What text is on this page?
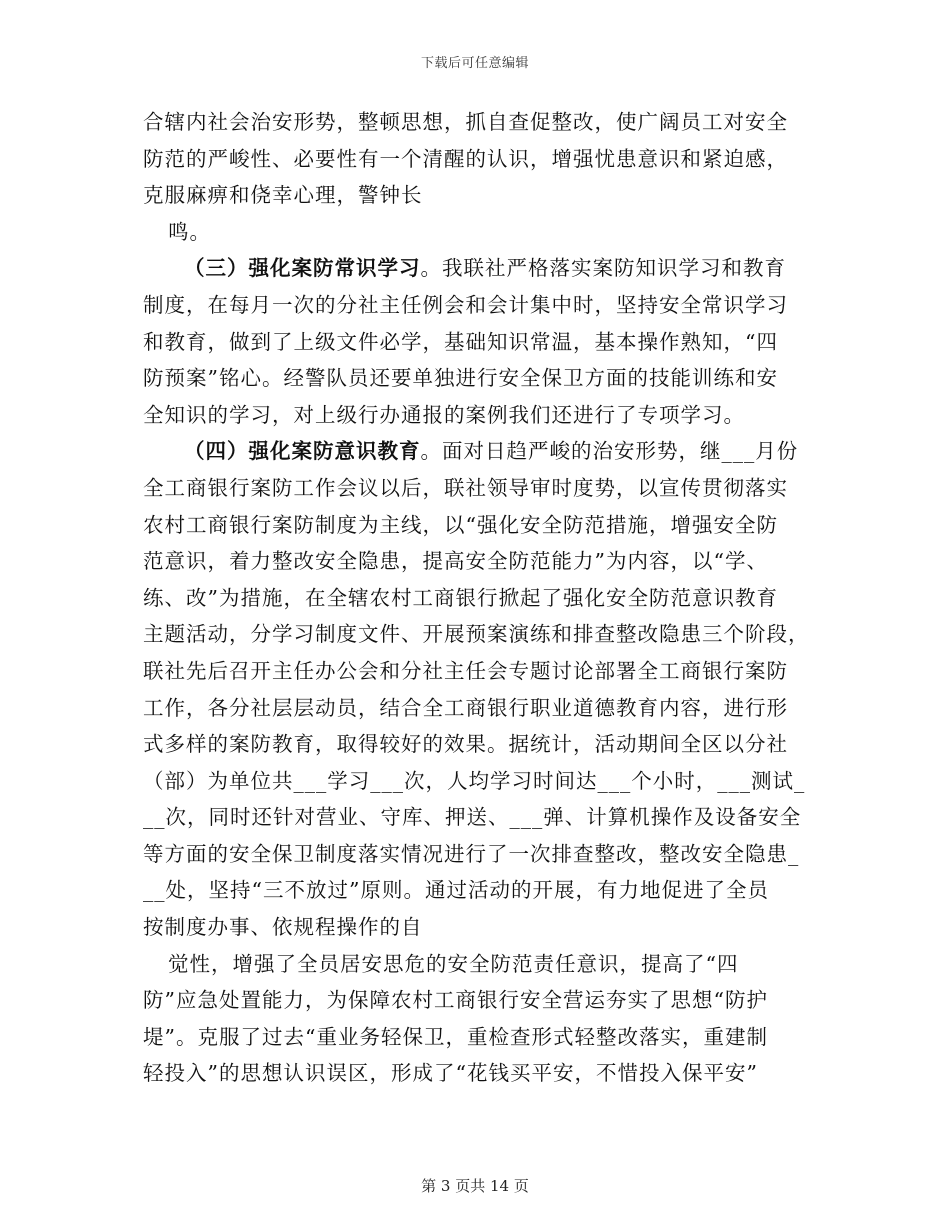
下载后可任意编辑
合辖内社会治安形势，整顿思想，抓自查促整改，使广阔员工对安全
防范的严峻性、必要性有一个清醒的认识，增强忧患意识和紧迫感，
克服麻痹和侥幸心理，警钟长
鸣。
（三）强化案防常识学习。我联社严格落实案防知识学习和教育
制度，在每月一次的分社主任例会和会计集中时，坚持安全常识学习
和教育，做到了上级文件必学，基础知识常温，基本操作熟知，“四
防预案”铭心。经警队员还要单独进行安全保卫方面的技能训练和安
全知识的学习，对上级行办通报的案例我们还进行了专项学习。
（四）强化案防意识教育。面对日趋严峻的治安形势，继___月份
全工商银行案防工作会议以后，联社领导审时度势，以宣传贯彻落实
农村工商银行案防制度为主线，以“强化安全防范措施，增强安全防
范意识，着力整改安全隐患，提高安全防范能力”为内容，以“学、
练、改”为措施，在全辖农村工商银行掀起了强化安全防范意识教育
主题活动，分学习制度文件、开展预案演练和排查整改隐患三个阶段，
联社先后召开主任办公会和分社主任会专题讨论部署全工商银行案防
工作，各分社层层动员，结合全工商银行职业道德教育内容，进行形
式多样的案防教育，取得较好的效果。据统计，活动期间全区以分社
（部）为单位共___学习___次，人均学习时间达___个小时，___测试_
__次，同时还针对营业、守库、押送、___弹、计算机操作及设备安全
等方面的安全保卫制度落实情况进行了一次排查整改，整改安全隐患_
__处，坚持“三不放过”原则。通过活动的开展，有力地促进了全员
按制度办事、依规程操作的自
觉性，增强了全员居安思危的安全防范责任意识，提高了“四
防”应急处置能力，为保障农村工商银行安全营运夯实了思想“防护
堤”。克服了过去“重业务轻保卫，重检查形式轻整改落实，重建制
轻投入”的思想认识误区，形成了“花钱买平安，不惜投入保平安”
第 3 页共 14 页
